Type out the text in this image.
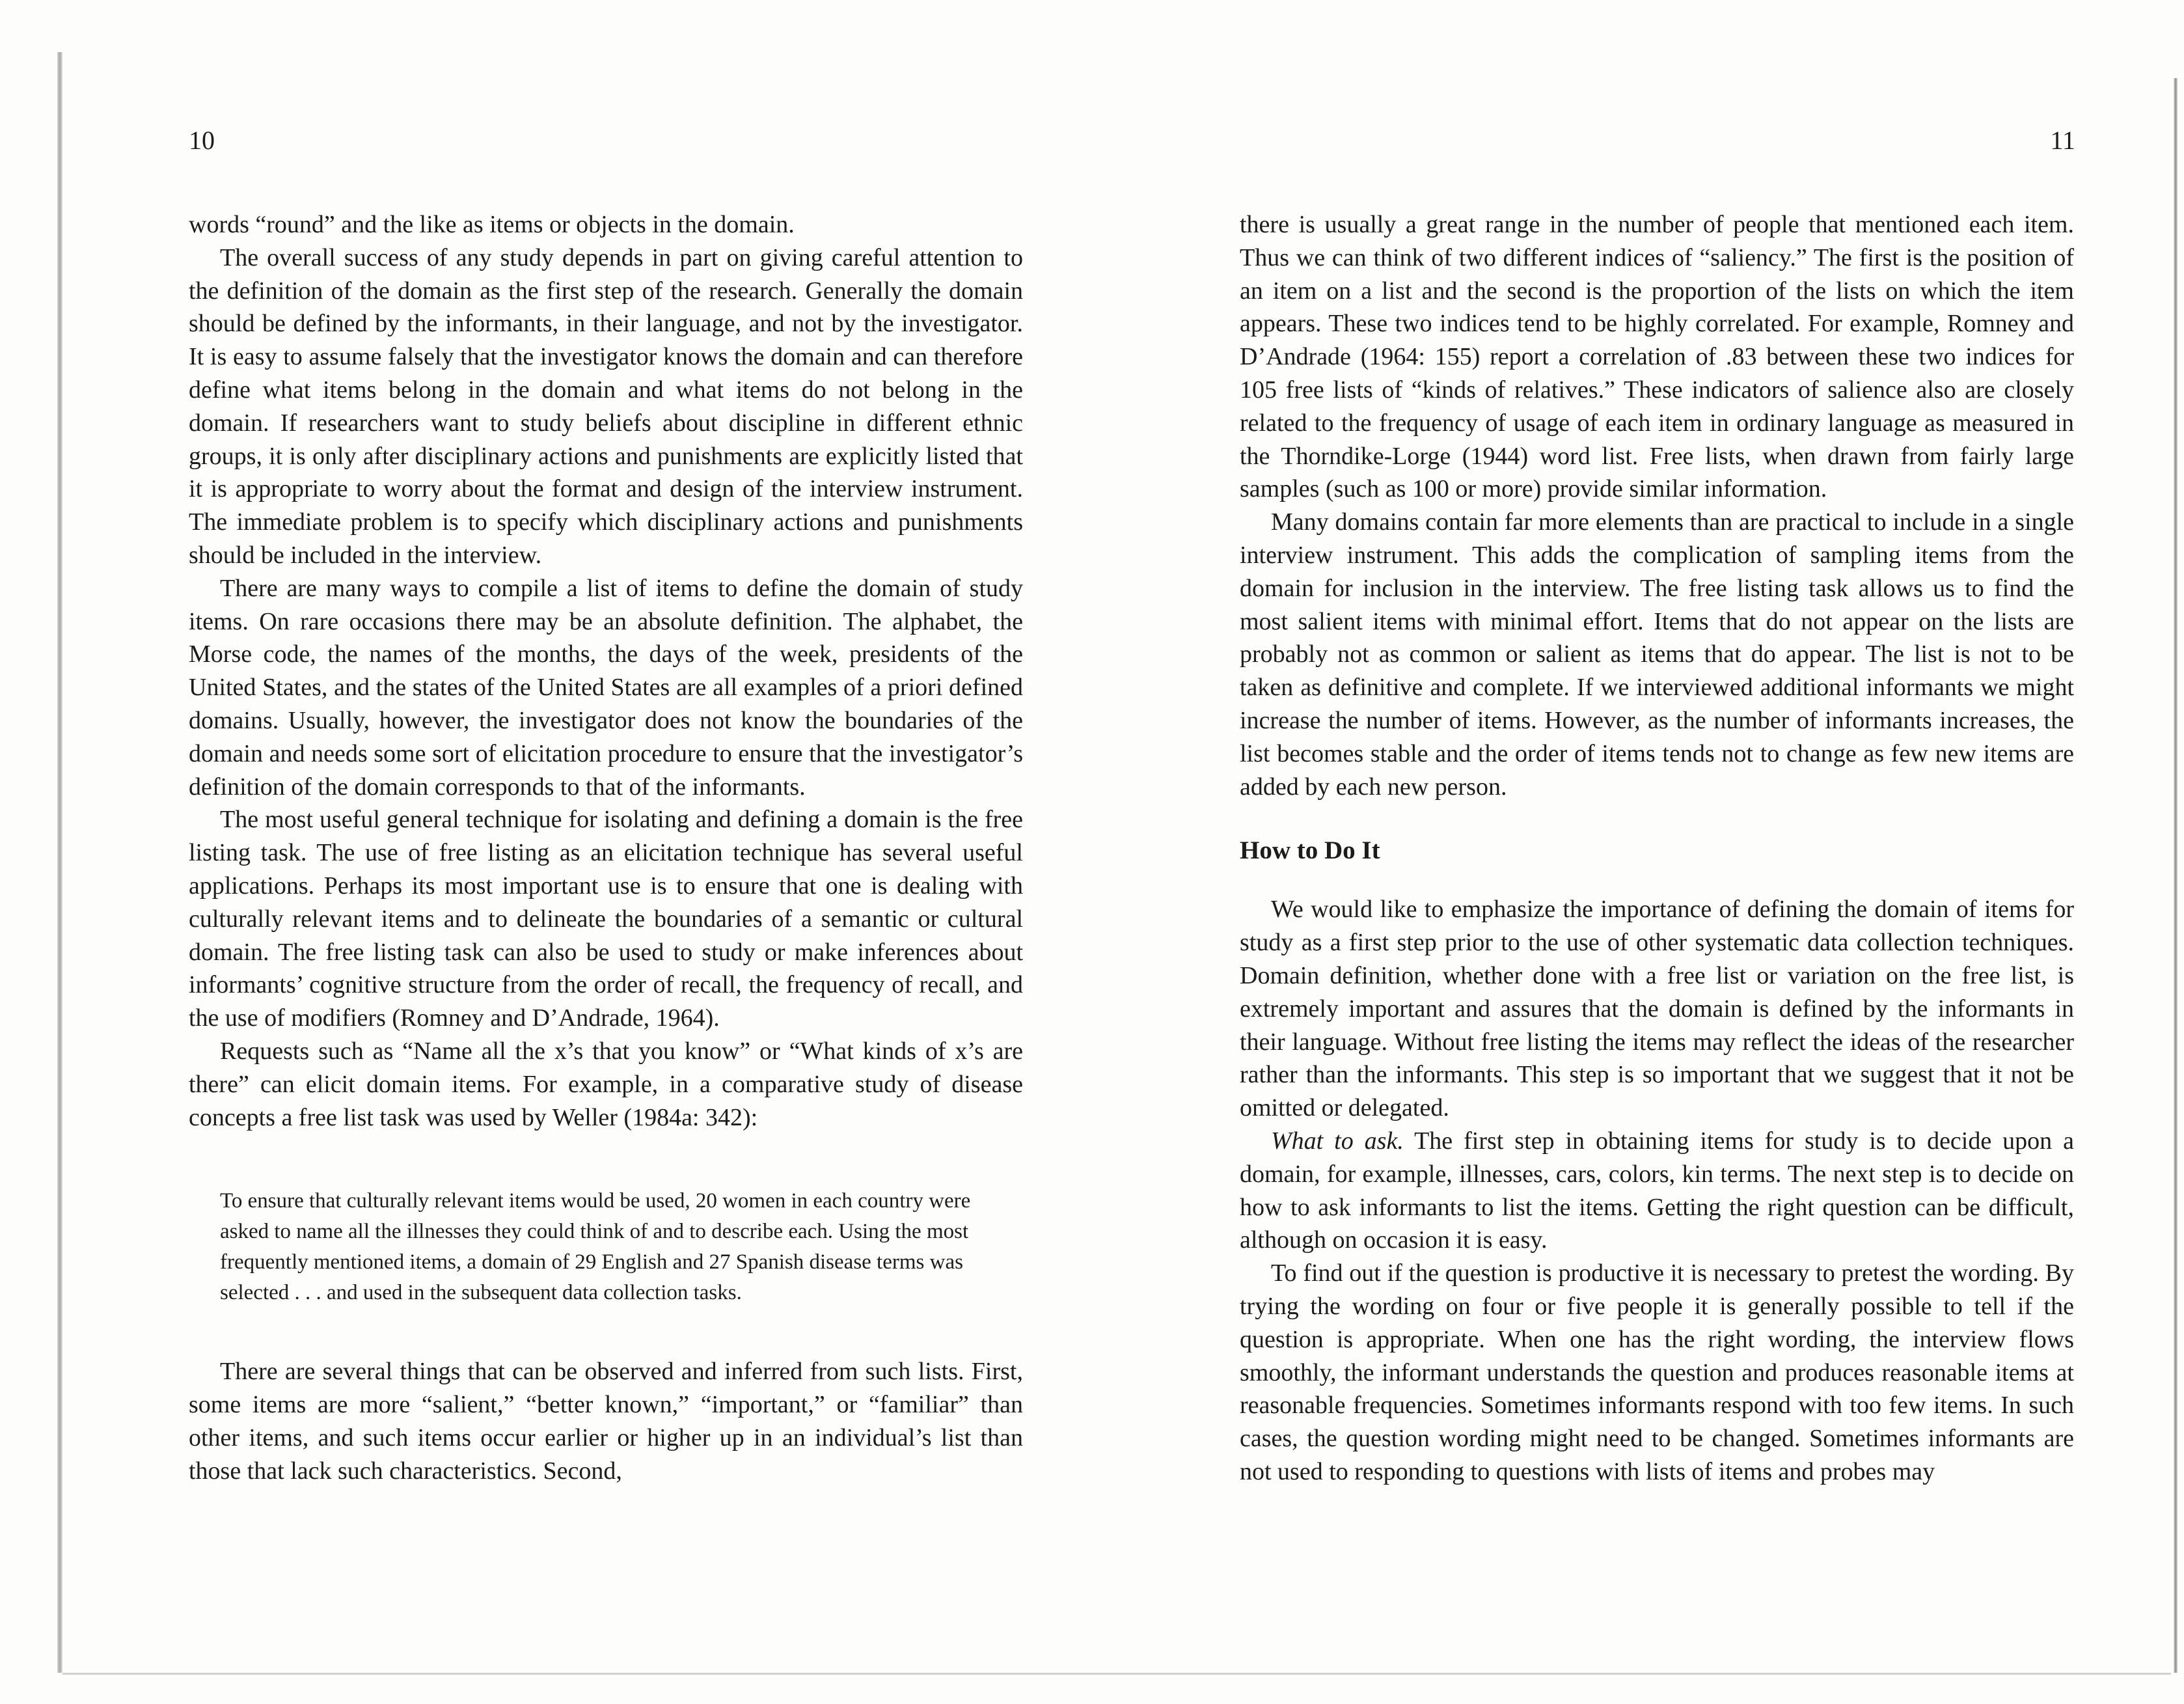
10

words “round” and the like as items or objects in the domain.

The overall success of any study depends in part on giving careful attention to the definition of the domain as the first step of the research. Generally the domain should be defined by the informants, in their language, and not by the investigator. It is easy to assume falsely that the investigator knows the domain and can therefore define what items belong in the domain and what items do not belong in the domain. If researchers want to study beliefs about discipline in different ethnic groups, it is only after disciplinary actions and punishments are explicitly listed that it is appropriate to worry about the format and design of the interview instrument. The immediate problem is to specify which disciplinary actions and punishments should be included in the interview.

There are many ways to compile a list of items to define the domain of study items. On rare occasions there may be an absolute definition. The alphabet, the Morse code, the names of the months, the days of the week, presidents of the United States, and the states of the United States are all examples of a priori defined domains. Usually, however, the investigator does not know the boundaries of the domain and needs some sort of elicitation procedure to ensure that the investigator’s definition of the domain corresponds to that of the informants.

The most useful general technique for isolating and defining a domain is the free listing task. The use of free listing as an elicitation technique has several useful applications. Perhaps its most important use is to ensure that one is dealing with culturally relevant items and to delineate the boundaries of a semantic or cultural domain. The free listing task can also be used to study or make inferences about informants’ cognitive structure from the order of recall, the frequency of recall, and the use of modifiers (Romney and D’Andrade, 1964).

Requests such as “Name all the x’s that you know” or “What kinds of x’s are there” can elicit domain items. For example, in a comparative study of disease concepts a free list task was used by Weller (1984a: 342):

To ensure that culturally relevant items would be used, 20 women in each country were asked to name all the illnesses they could think of and to describe each. Using the most frequently mentioned items, a domain of 29 English and 27 Spanish disease terms was selected . . . and used in the subsequent data collection tasks.

There are several things that can be observed and inferred from such lists. First, some items are more “salient,” “better known,” “important,” or “familiar” than other items, and such items occur earlier or higher up in an individual’s list than those that lack such characteristics. Second,

11

there is usually a great range in the number of people that mentioned each item. Thus we can think of two different indices of “saliency.” The first is the position of an item on a list and the second is the proportion of the lists on which the item appears. These two indices tend to be highly correlated. For example, Romney and D’Andrade (1964: 155) report a correlation of .83 between these two indices for 105 free lists of “kinds of relatives.” These indicators of salience also are closely related to the frequency of usage of each item in ordinary language as measured in the Thorndike-Lorge (1944) word list. Free lists, when drawn from fairly large samples (such as 100 or more) provide similar information.

Many domains contain far more elements than are practical to include in a single interview instrument. This adds the complication of sampling items from the domain for inclusion in the interview. The free listing task allows us to find the most salient items with minimal effort. Items that do not appear on the lists are probably not as common or salient as items that do appear. The list is not to be taken as definitive and complete. If we interviewed additional informants we might increase the number of items. However, as the number of informants increases, the list becomes stable and the order of items tends not to change as few new items are added by each new person.

How to Do It

We would like to emphasize the importance of defining the domain of items for study as a first step prior to the use of other systematic data collection techniques. Domain definition, whether done with a free list or variation on the free list, is extremely important and assures that the domain is defined by the informants in their language. Without free listing the items may reflect the ideas of the researcher rather than the informants. This step is so important that we suggest that it not be omitted or delegated.

What to ask. The first step in obtaining items for study is to decide upon a domain, for example, illnesses, cars, colors, kin terms. The next step is to decide on how to ask informants to list the items. Getting the right question can be difficult, although on occasion it is easy.

To find out if the question is productive it is necessary to pretest the wording. By trying the wording on four or five people it is generally possible to tell if the question is appropriate. When one has the right wording, the interview flows smoothly, the informant understands the question and produces reasonable items at reasonable frequencies. Sometimes informants respond with too few items. In such cases, the question wording might need to be changed. Sometimes informants are not used to responding to questions with lists of items and probes may
